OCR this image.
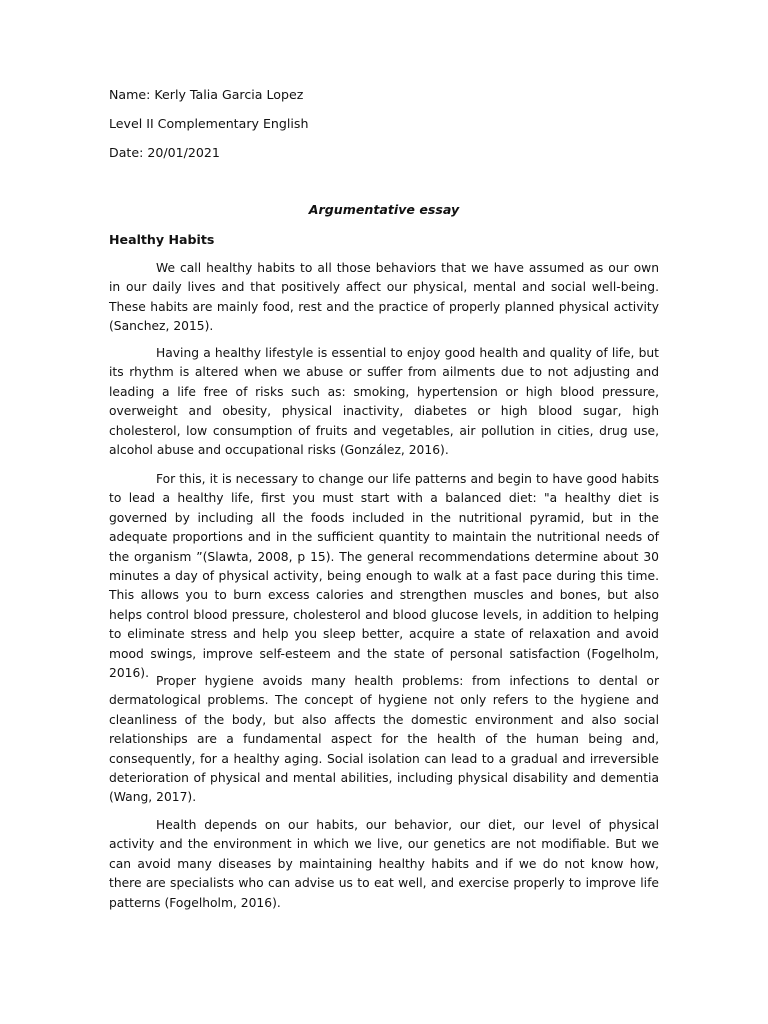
Name: Kerly Talia Garcia Lopez
Level II Complementary English
Date: 20/01/2021
Argumentative essay
Healthy Habits

We call healthy habits to all those behaviors that we have assumed as our own in our daily lives and that positively affect our physical, mental and social well-being. These habits are mainly food, rest and the practice of properly planned physical activity (Sanchez, 2015).

Having a healthy lifestyle is essential to enjoy good health and quality of life, but its rhythm is altered when we abuse or suffer from ailments due to not adjusting and leading a life free of risks such as: smoking, hypertension or high blood pressure, overweight and obesity, physical inactivity, diabetes or high blood sugar, high cholesterol, low consumption of fruits and vegetables, air pollution in cities, drug use, alcohol abuse and occupational risks (González, 2016).

For this, it is necessary to change our life patterns and begin to have good habits to lead a healthy life, first you must start with a balanced diet: "a healthy diet is governed by including all the foods included in the nutritional pyramid, but in the adequate proportions and in the sufficient quantity to maintain the nutritional needs of the organism ”(Slawta, 2008, p 15). The general recommendations determine about 30 minutes a day of physical activity, being enough to walk at a fast pace during this time. This allows you to burn excess calories and strengthen muscles and bones, but also helps control blood pressure, cholesterol and blood glucose levels, in addition to helping to eliminate stress and help you sleep better, acquire a state of relaxation and avoid mood swings, improve self-esteem and the state of personal satisfaction (Fogelholm, 2016).

Proper hygiene avoids many health problems: from infections to dental or dermatological problems. The concept of hygiene not only refers to the hygiene and cleanliness of the body, but also affects the domestic environment and also social relationships are a fundamental aspect for the health of the human being and, consequently, for a healthy aging. Social isolation can lead to a gradual and irreversible deterioration of physical and mental abilities, including physical disability and dementia (Wang, 2017).

Health depends on our habits, our behavior, our diet, our level of physical activity and the environment in which we live, our genetics are not modifiable. But we can avoid many diseases by maintaining healthy habits and if we do not know how, there are specialists who can advise us to eat well, and exercise properly to improve life patterns (Fogelholm, 2016).
